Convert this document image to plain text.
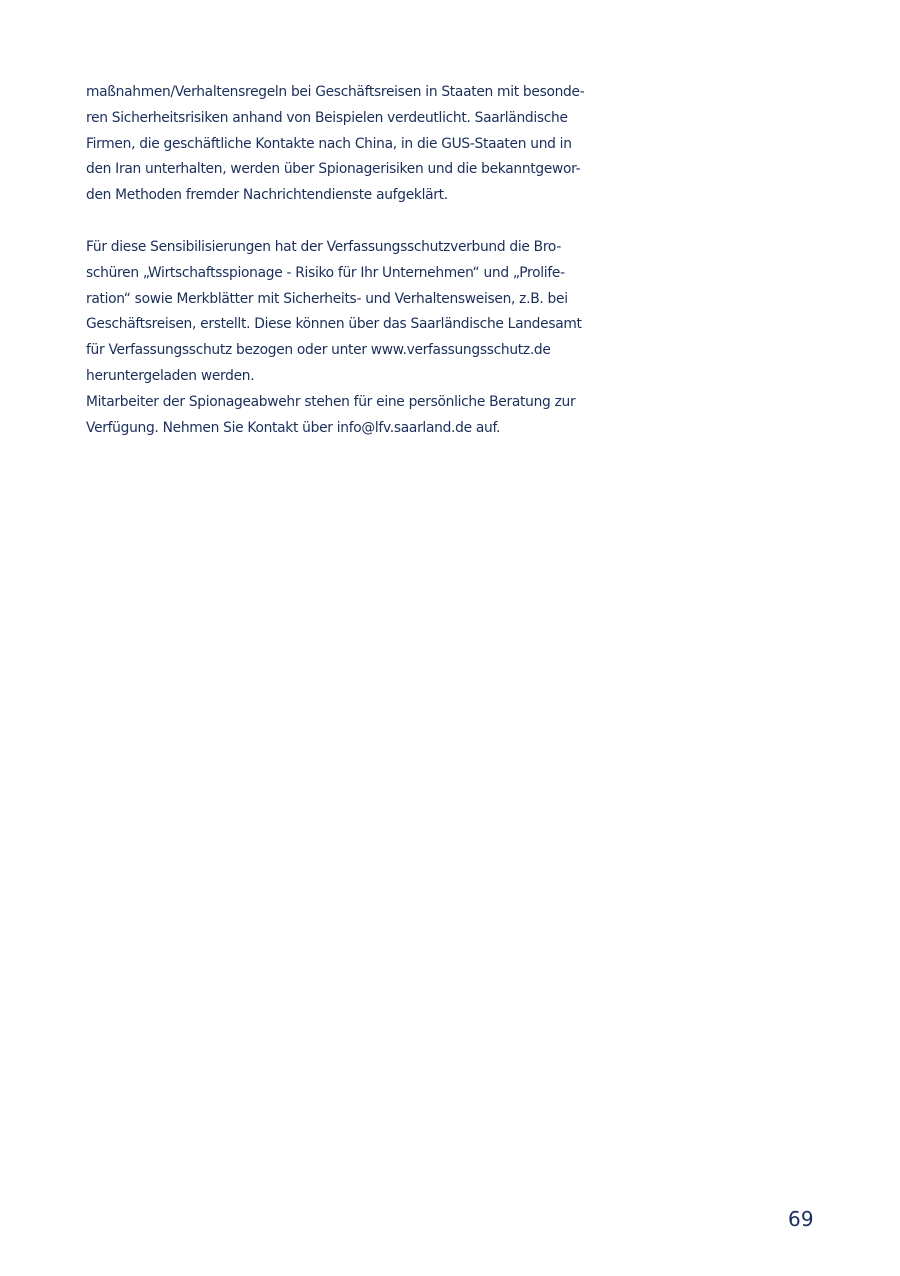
maßnahmen/Verhaltensregeln bei Geschäftsreisen in Staaten mit besonde-
ren Sicherheitsrisiken anhand von Beispielen verdeutlicht. Saarländische
Firmen, die geschäftliche Kontakte nach China, in die GUS-Staaten und in
den Iran unterhalten, werden über Spionagerisiken und die bekanntgewor-
den Methoden fremder Nachrichtendienste aufgeklärt.

Für diese Sensibilisierungen hat der Verfassungsschutzverbund die Bro-
schüren „Wirtschaftsspionage - Risiko für Ihr Unternehmen“ und „Prolife-
ration“ sowie Merkblätter mit Sicherheits- und Verhaltensweisen, z.B. bei
Geschäftsreisen, erstellt. Diese können über das Saarländische Landesamt
für Verfassungsschutz bezogen oder unter www.verfassungsschutz.de
heruntergeladen werden.

Mitarbeiter der Spionageabwehr stehen für eine persönliche Beratung zur
Verfügung. Nehmen Sie Kontakt über info@lfv.saarland.de auf.

69
